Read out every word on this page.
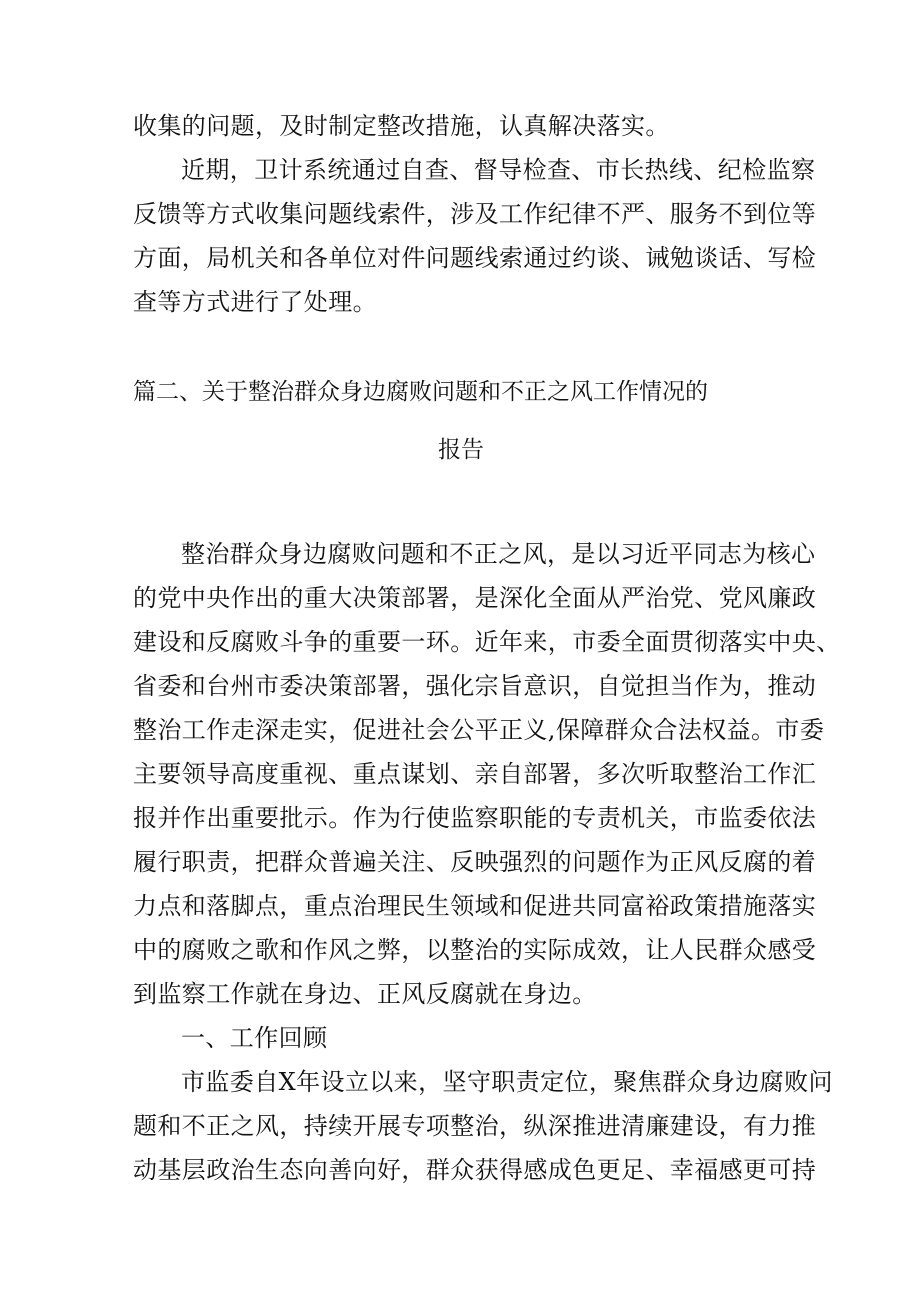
收集的问题，及时制定整改措施，认真解决落实。
近期，卫计系统通过自查、督导检查、市长热线、纪检监察
反馈等方式收集问题线索件，涉及工作纪律不严、服务不到位等
方面，局机关和各单位对件问题线索通过约谈、诫勉谈话、写检
查等方式进行了处理。
篇二、关于整治群众身边腐败问题和不正之风工作情况的
报告
整治群众身边腐败问题和不正之风，是以习近平同志为核心
的党中央作出的重大决策部署，是深化全面从严治党、党风廉政
建设和反腐败斗争的重要一环。近年来，市委全面贯彻落实中央、
省委和台州市委决策部署，强化宗旨意识，自觉担当作为，推动
整治工作走深走实，促进社会公平正义,保障群众合法权益。市委
主要领导高度重视、重点谋划、亲自部署，多次听取整治工作汇
报并作出重要批示。作为行使监察职能的专责机关，市监委依法
履行职责，把群众普遍关注、反映强烈的问题作为正风反腐的着
力点和落脚点，重点治理民生领域和促进共同富裕政策措施落实
中的腐败之歌和作风之弊，以整治的实际成效，让人民群众感受
到监察工作就在身边、正风反腐就在身边。
一、工作回顾
市监委自X年设立以来，坚守职责定位，聚焦群众身边腐败问
题和不正之风，持续开展专项整治，纵深推进清廉建设，有力推
动基层政治生态向善向好，群众获得感成色更足、幸福感更可持
